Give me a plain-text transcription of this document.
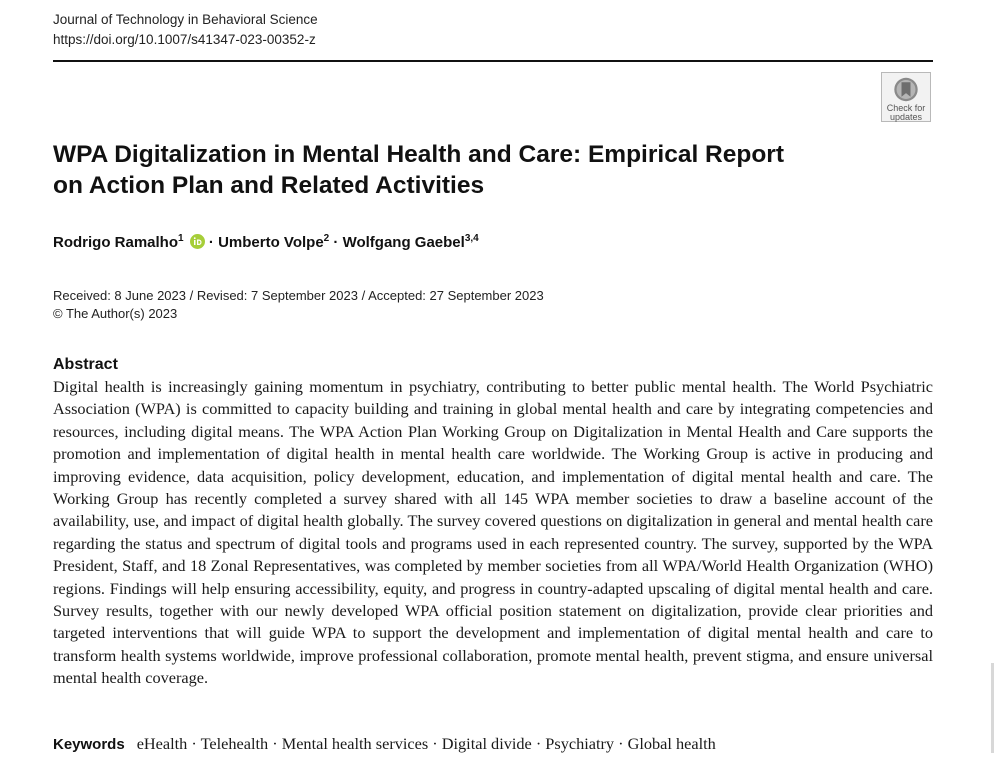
Journal of Technology in Behavioral Science
https://doi.org/10.1007/s41347-023-00352-z
Check for
updates
WPA Digitalization in Mental Health and Care: Empirical Report on Action Plan and Related Activities
Rodrigo Ramalho$^1$ · Umberto Volpe$^2$ · Wolfgang Gaebel$^{3,4}$
Received: 8 June 2023 / Revised: 7 September 2023 / Accepted: 27 September 2023
© The Author(s) 2023
Abstract

Digital health is increasingly gaining momentum in psychiatry, contributing to better public mental health. The World Psychiatric Association (WPA) is committed to capacity building and training in global mental health and care by integrating competencies and resources, including digital means. The WPA Action Plan Working Group on Digitalization in Mental Health and Care supports the promotion and implementation of digital health in mental health care worldwide. The Working Group is active in producing and improving evidence, data acquisition, policy development, education, and implementation of digital mental health and care. The Working Group has recently completed a survey shared with all 145 WPA member societies to draw a baseline account of the availability, use, and impact of digital health globally. The survey covered questions on digitalization in general and mental health care regarding the status and spectrum of digital tools and programs used in each represented country. The survey, supported by the WPA President, Staff, and 18 Zonal Representatives, was completed by member societies from all WPA/World Health Organization (WHO) regions. Findings will help ensuring accessibility, equity, and progress in country-adapted upscaling of digital mental health and care. Survey results, together with our newly developed WPA official position statement on digitalization, provide clear priorities and targeted interventions that will guide WPA to support the development and implementation of digital mental health and care to transform health systems worldwide, improve professional collaboration, promote mental health, prevent stigma, and ensure universal mental health coverage.

Keywords eHealth · Telehealth · Mental health services · Digital divide · Psychiatry · Global health
